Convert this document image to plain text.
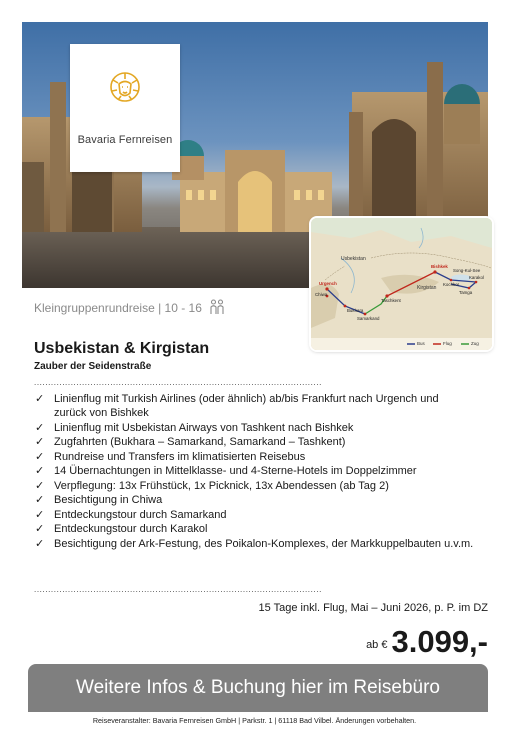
Bavaria Fernreisen
Usbekistan
Kirgistan
Urgench
Chiwa
Bukhara
Samarkand
Taschkent
Bishkek
Kochkor
Song-Kul-See
Karakol
Tamga
Bus	Flug	Zug
Kleingruppenrundreise | 10 - 16
Usbekistan & Kirgistan
Zauber der Seidenstraße
......................................................................................................
✓ Linienflug mit Turkish Airlines (oder ähnlich) ab/bis Frankfurt nach Urgench und zurück von Bishkek
✓ Linienflug mit Usbekistan Airways von Tashkent nach Bishkek
✓ Zugfahrten (Bukhara – Samarkand, Samarkand – Tashkent)
✓ Rundreise und Transfers im klimatisierten Reisebus
✓ 14 Übernachtungen in Mittelklasse- und 4-Sterne-Hotels im Doppelzimmer
✓ Verpflegung: 13x Frühstück, 1x Picknick, 13x Abendessen (ab Tag 2)
✓ Besichtigung in Chiwa
✓ Entdeckungstour durch Samarkand
✓ Entdeckungstour durch Karakol
✓ Besichtigung der Ark-Festung, des Poikalon-Komplexes, der Markkuppelbauten u.v.m.
......................................................................................................
15 Tage inkl. Flug, Mai – Juni 2026, p. P. im DZ
$^{ab €}$ 3.099,-
Weitere Infos & Buchung hier im Reisebüro
Reiseveranstalter: Bavaria Fernreisen GmbH | Parkstr. 1 | 61118 Bad Vilbel. Änderungen vorbehalten.
